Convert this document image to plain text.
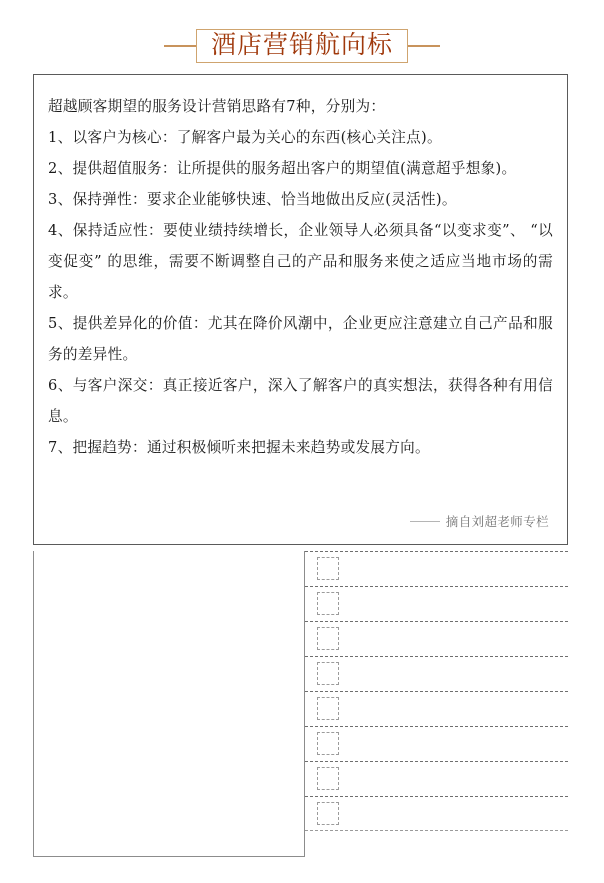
酒店营销航向标

超越顾客期望的服务设计营销思路有7种，分别为：

1、以客户为核心：了解客户最为关心的东西(核心关注点)。

2、提供超值服务：让所提供的服务超出客户的期望值(满意超乎想象)。

3、保持弹性：要求企业能够快速、恰当地做出反应(灵活性)。

4、保持适应性：要使业绩持续增长，企业领导人必须具备“以变求变”、 “以变促变” 的思维，需要不断调整自己的产品和服务来使之适应当地市场的需求。

5、提供差异化的价值：尤其在降价风潮中，企业更应注意建立自己产品和服务的差异性。

6、与客户深交：真正接近客户，深入了解客户的真实想法，获得各种有用信息。

7、把握趋势：通过积极倾听来把握未来趋势或发展方向。

摘自刘超老师专栏
